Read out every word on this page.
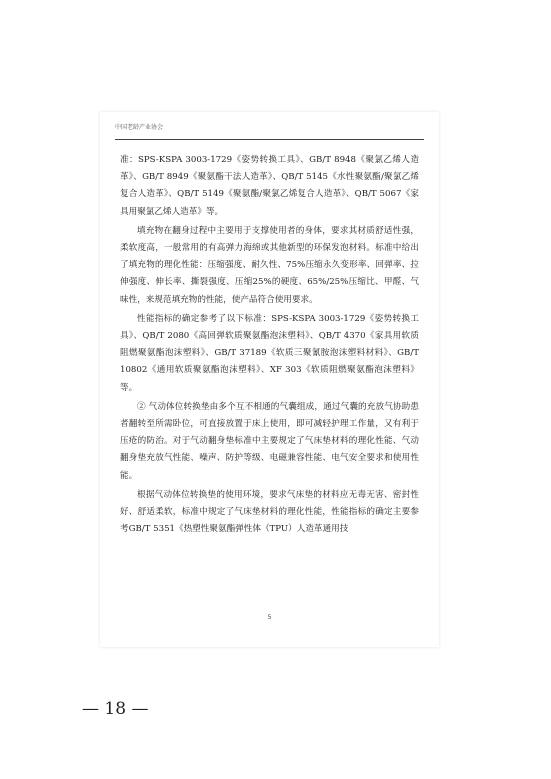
中国老龄产业协会

准：SPS-KSPA 3003-1729《姿势转换工具》、GB/T 8948《聚氯乙烯人造革》、GB/T 8949《聚氨酯干法人造革》、QB/T 5145《水性聚氨酯/聚氯乙烯复合人造革》、QB/T 5149《聚氨酯/聚氯乙烯复合人造革》、QB/T 5067《家具用聚氯乙烯人造革》等。

填充物在翻身过程中主要用于支撑使用者的身体，要求其材质舒适性强，柔软度高，一般常用的有高弹力海绵或其他新型的环保发泡材料。标准中给出了填充物的理化性能：压缩强度、耐久性、75%压缩永久变形率、回弹率、拉伸强度、伸长率、撕裂强度、压缩25%的硬度、65%/25%压缩比、甲醛、气味性，来规范填充物的性能，使产品符合使用要求。

性能指标的确定参考了以下标准：SPS-KSPA 3003-1729《姿势转换工具》、QB/T 2080《高回弹软质聚氨酯泡沫塑料》、QB/T 4370《家具用软质阻燃聚氨酯泡沫塑料》、GB/T 37189《软质三聚氰胺泡沫塑料材料》、GB/T 10802《通用软质聚氨酯泡沫塑料》、XF 303《软质阻燃聚氨酯泡沫塑料》等。

② 气动体位转换垫由多个互不相通的气囊组成，通过气囊的充放气协助患者翻转至所需卧位，可直接放置于床上使用，即可减轻护理工作量，又有利于压疮的防治。对于气动翻身垫标准中主要规定了气床垫材料的理化性能、气动翻身垫充放气性能、噪声、防护等级、电磁兼容性能、电气安全要求和使用性能。

根据气动体位转换垫的使用环境，要求气床垫的材料应无毒无害、密封性好、舒适柔软，标准中规定了气床垫材料的理化性能，性能指标的确定主要参考GB/T 5351《热塑性聚氨酯弹性体（TPU）人造革通用技

5
— 18 —
